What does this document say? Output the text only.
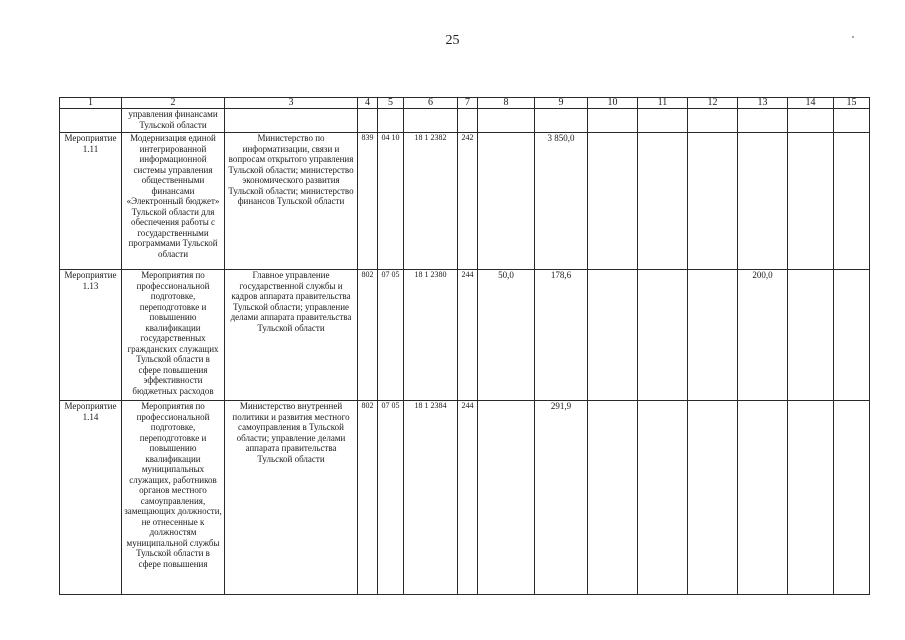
25
1	2	3	4	5	6	7	8	9	10	11	12	13	14	15
	управления финансами Тульской области													
Мероприятие 1.11	Модернизация единой интегрированной информационной системы управления общественными финансами «Электронный бюджет» Тульской области для обеспечения работы с государственными программами Тульской области	Министерство по информатизации, связи и вопросам открытого управления Тульской области; министерство экономического развития Тульской области; министерство финансов Тульской области	839	04 10	18 1 2382	242		3 850,0						
Мероприятие 1.13	Мероприятия по профессиональной подготовке, переподготовке и повышению квалификации государственных гражданских служащих Тульской области в сфере повышения эффективности бюджетных расходов	Главное управление государственной службы и кадров аппарата правительства Тульской области; управление делами аппарата правительства Тульской области	802	07 05	18 1 2380	244	50,0	178,6				200,0		
Мероприятие 1.14	Мероприятия по профессиональной подготовке, переподготовке и повышению квалификации муниципальных служащих, работников органов местного самоуправления, замещающих должности, не отнесенные к должностям муниципальной службы Тульской области в сфере повышения	Министерство внутренней политики и развития местного самоуправления в Тульской области; управление делами аппарата правительства Тульской области	802	07 05	18 1 2384	244		291,9						
